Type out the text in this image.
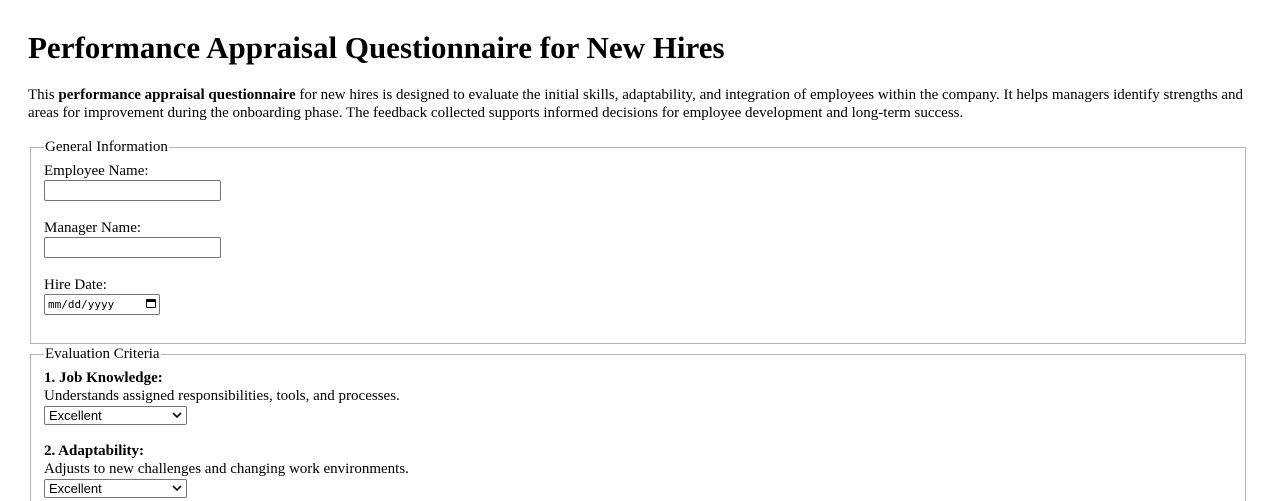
Performance Appraisal Questionnaire for New Hires

This performance appraisal questionnaire for new hires is designed to evaluate the initial skills, adaptability, and integration of employees within the company. It helps managers identify strengths and areas for improvement during the onboarding phase. The feedback collected supports informed decisions for employee development and long-term success.

General Information
Employee Name:
Manager Name:
Hire Date:
mm/dd/yyyy
Evaluation Criteria
1. Job Knowledge:
Understands assigned responsibilities, tools, and processes.
Excellent
2. Adaptability:
Adjusts to new challenges and changing work environments.
Excellent
